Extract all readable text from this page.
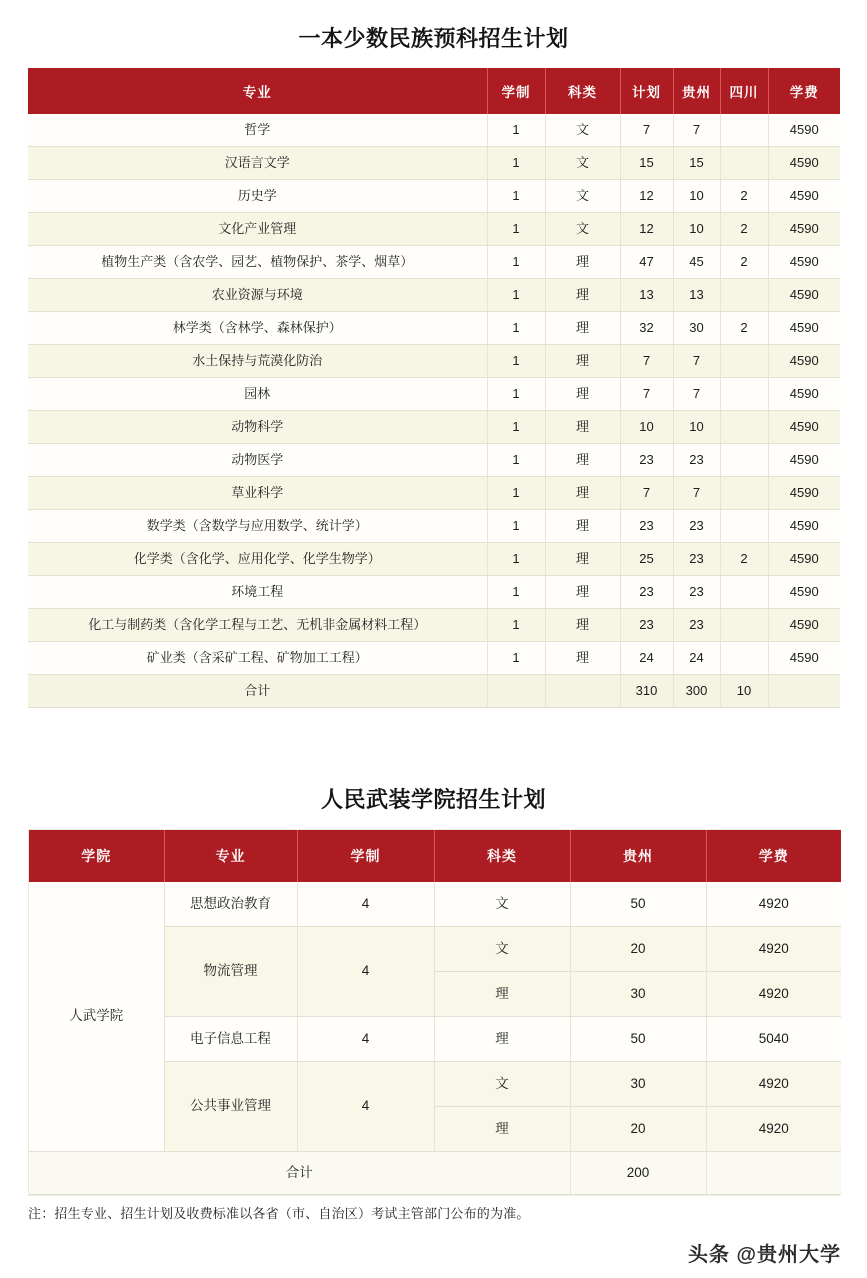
一本少数民族预科招生计划
专业	学制	科类	计划	贵州	四川	学费
哲学	1	文	7	7		4590
汉语言文学	1	文	15	15		4590
历史学	1	文	12	10	2	4590
文化产业管理	1	文	12	10	2	4590
植物生产类（含农学、园艺、植物保护、茶学、烟草）	1	理	47	45	2	4590
农业资源与环境	1	理	13	13		4590
林学类（含林学、森林保护）	1	理	32	30	2	4590
水土保持与荒漠化防治	1	理	7	7		4590
园林	1	理	7	7		4590
动物科学	1	理	10	10		4590
动物医学	1	理	23	23		4590
草业科学	1	理	7	7		4590
数学类（含数学与应用数学、统计学）	1	理	23	23		4590
化学类（含化学、应用化学、化学生物学）	1	理	25	23	2	4590
环境工程	1	理	23	23		4590
化工与制药类（含化学工程与工艺、无机非金属材料工程）	1	理	23	23		4590
矿业类（含采矿工程、矿物加工工程）	1	理	24	24		4590
合计			310	300	10	
人民武装学院招生计划
学院	专业	学制	科类	贵州	学费
人武学院	思想政治教育	4	文	50	4920
	物流管理	4	文	20	4920
			理	30	4920
	电子信息工程	4	理	50	5040
	公共事业管理	4	文	30	4920
			理	20	4920
合计				200	
注：招生专业、招生计划及收费标准以各省（市、自治区）考试主管部门公布的为准。
头条 @贵州大学
